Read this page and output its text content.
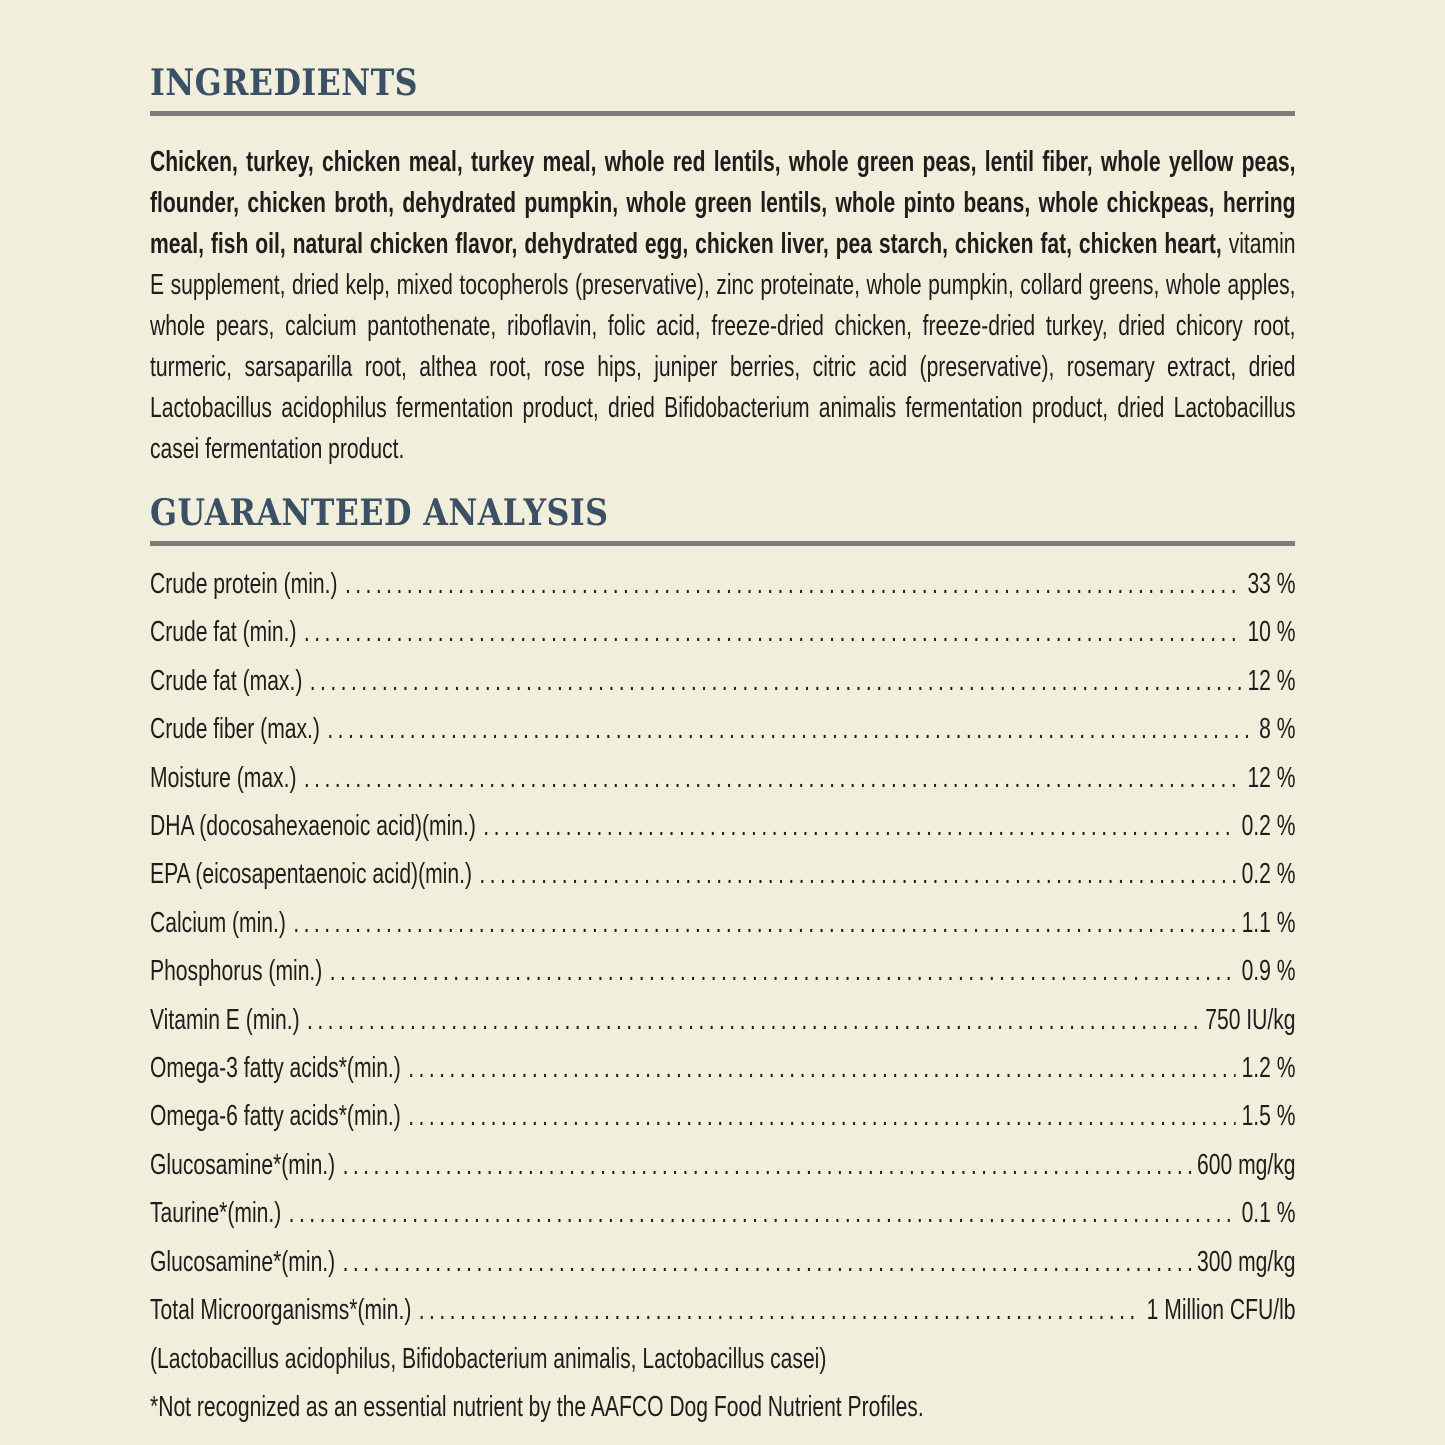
INGREDIENTS

Chicken, turkey, chicken meal, turkey meal, whole red lentils, whole green peas, lentil fiber, whole yellow peas, flounder, chicken broth, dehydrated pumpkin, whole green lentils, whole pinto beans, whole chickpeas, herring meal, fish oil, natural chicken flavor, dehydrated egg, chicken liver, pea starch, chicken fat, chicken heart, vitamin E supplement, dried kelp, mixed tocopherols (preservative), zinc proteinate, whole pumpkin, collard greens, whole apples, whole pears, calcium pantothenate, riboflavin, folic acid, freeze-dried chicken, freeze-dried turkey, dried chicory root, turmeric, sarsaparilla root, althea root, rose hips, juniper berries, citric acid (preservative), rosemary extract, dried Lactobacillus acidophilus fermentation product, dried Bifidobacterium animalis fermentation product, dried Lactobacillus casei fermentation product.

GUARANTEED ANALYSIS
Crude protein (min.) .....	33 %
Crude fat (min.) .....	10 %
Crude fat (max.) .....	12 %
Crude fiber (max.) .....	8 %
Moisture (max.) .....	12 %
DHA (docosahexaenoic acid)(min.) .....	0.2 %
EPA (eicosapentaenoic acid)(min.) .....	0.2 %
Calcium (min.) .....	1.1 %
Phosphorus (min.) .....	0.9 %
Vitamin E (min.) .....	750 IU/kg
Omega-3 fatty acids*(min.) .....	1.2 %
Omega-6 fatty acids*(min.) .....	1.5 %
Glucosamine*(min.) .....	600 mg/kg
Taurine*(min.) .....	0.1 %
Glucosamine*(min.) .....	300 mg/kg
Total Microorganisms*(min.) .....	1 Million CFU/lb

(Lactobacillus acidophilus, Bifidobacterium animalis, Lactobacillus casei)

*Not recognized as an essential nutrient by the AAFCO Dog Food Nutrient Profiles.
